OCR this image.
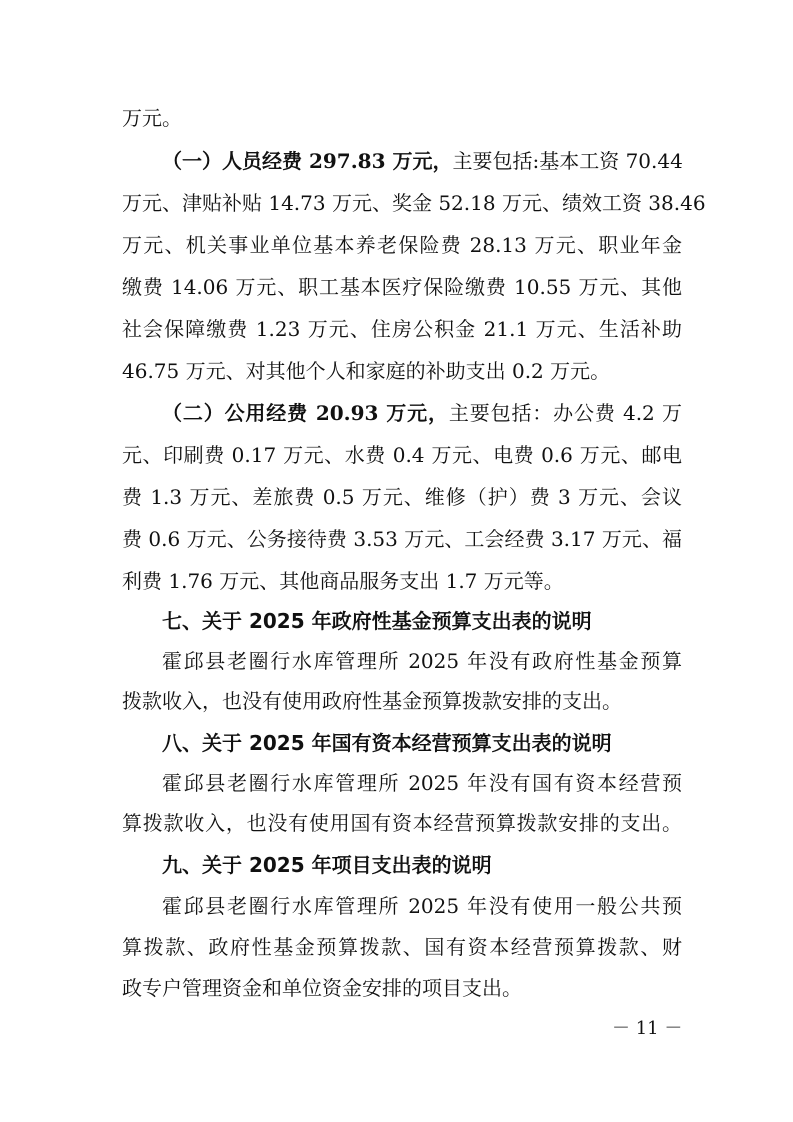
万元。
（一）人员经费 297.83 万元，主要包括:基本工资 70.44
万元、津贴补贴 14.73 万元、奖金 52.18 万元、绩效工资 38.46
万元、机关事业单位基本养老保险费 28.13 万元、职业年金
缴费 14.06 万元、职工基本医疗保险缴费 10.55 万元、其他
社会保障缴费 1.23 万元、住房公积金 21.1 万元、生活补助
46.75 万元、对其他个人和家庭的补助支出 0.2 万元。
（二）公用经费 20.93 万元，主要包括：办公费 4.2 万
元、印刷费 0.17 万元、水费 0.4 万元、电费 0.6 万元、邮电
费 1.3 万元、差旅费 0.5 万元、维修（护）费 3 万元、会议
费 0.6 万元、公务接待费 3.53 万元、工会经费 3.17 万元、福
利费 1.76 万元、其他商品服务支出 1.7 万元等。
七、关于 2025 年政府性基金预算支出表的说明
霍邱县老圈行水库管理所 2025 年没有政府性基金预算
拨款收入，也没有使用政府性基金预算拨款安排的支出。
八、关于 2025 年国有资本经营预算支出表的说明
霍邱县老圈行水库管理所 2025 年没有国有资本经营预
算拨款收入，也没有使用国有资本经营预算拨款安排的支出。
九、关于 2025 年项目支出表的说明
霍邱县老圈行水库管理所 2025 年没有使用一般公共预
算拨款、政府性基金预算拨款、国有资本经营预算拨款、财
政专户管理资金和单位资金安排的项目支出。
－ 11 －
